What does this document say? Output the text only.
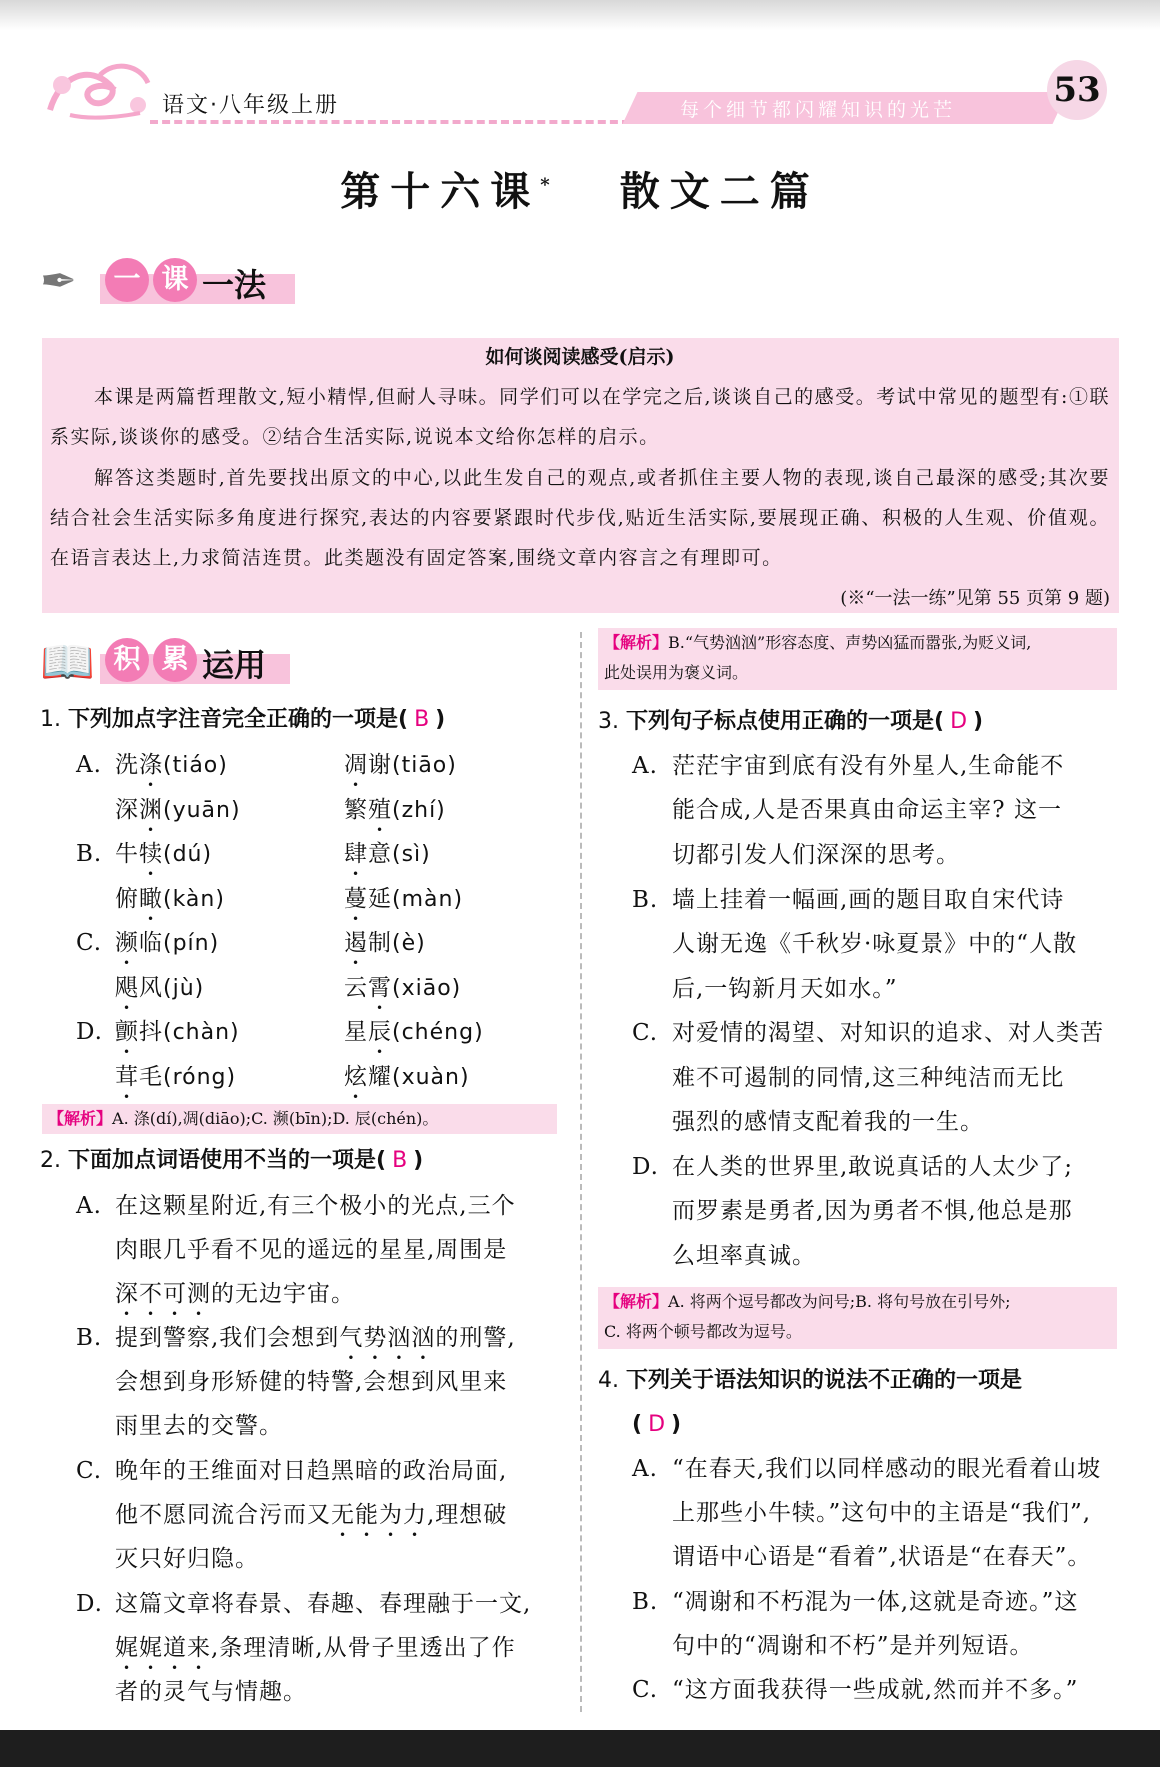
语文·八年级上册	每个细节都闪耀知识的光芒	53
第十六课* 散文二篇
✒	一 课 一法
如何谈阅读感受(启示)
本课是两篇哲理散文,短小精悍,但耐人寻味。同学们可以在学完之后,谈谈自己的感受。考试中常见的题型有:①联系实际,谈谈你的感受。②结合生活实际,说说本文给你怎样的启示。
解答这类题时,首先要找出原文的中心,以此生发自己的观点,或者抓住主要人物的表现,谈自己最深的感受;其次要结合社会生活实际多角度进行探究,表达的内容要紧跟时代步伐,贴近生活实际,要展现正确、积极的人生观、价值观。在语言表达上,力求简洁连贯。此类题没有固定答案,围绕文章内容言之有理即可。
(※“一法一练”见第 55 页第 9 题)
📖 积 累 运用
1. 下列加点字注音完全正确的一项是( B )
A. 洗涤(tiáo)	凋谢(tiāo)
深渊(yuān)	繁殖(zhí)
B. 牛犊(dú)	肆意(sì)
俯瞰(kàn)	蔓延(màn)
C. 濒临(pín)	遏制(è)
飓风(jù)	云霄(xiāo)
D. 颤抖(chàn)	星辰(chéng)
茸毛(róng)	炫耀(xuàn)
【解析】A. 涤(dí),凋(diāo);C. 濒(bīn);D. 辰(chén)。
2. 下面加点词语使用不当的一项是( B )
A. 在这颗星附近,有三个极小的光点,三个
肉眼几乎看不见的遥远的星星,周围是
深不可测的无边宇宙。
B. 提到警察,我们会想到气势汹汹的刑警,
会想到身形矫健的特警,会想到风里来
雨里去的交警。
C. 晚年的王维面对日趋黑暗的政治局面,
他不愿同流合污而又无能为力,理想破
灭只好归隐。
D. 这篇文章将春景、春趣、春理融于一文,
娓娓道来,条理清晰,从骨子里透出了作
者的灵气与情趣。
【解析】B.“气势汹汹”形容态度、声势凶猛而嚣张,为贬义词,
此处误用为褒义词。
3. 下列句子标点使用正确的一项是( D )
A. 茫茫宇宙到底有没有外星人,生命能不
能合成,人是否果真由命运主宰? 这一
切都引发人们深深的思考。
B. 墙上挂着一幅画,画的题目取自宋代诗
人谢无逸《千秋岁·咏夏景》中的“人散
后,一钩新月天如水。”
C. 对爱情的渴望、对知识的追求、对人类苦
难不可遏制的同情,这三种纯洁而无比
强烈的感情支配着我的一生。
D. 在人类的世界里,敢说真话的人太少了;
而罗素是勇者,因为勇者不惧,他总是那
么坦率真诚。
【解析】A. 将两个逗号都改为问号;B. 将句号放在引号外;
C. 将两个顿号都改为逗号。
4. 下列关于语法知识的说法不正确的一项是
( D )
A. “在春天,我们以同样感动的眼光看着山坡
上那些小牛犊。”这句中的主语是“我们”,
谓语中心语是“看着”,状语是“在春天”。
B. “凋谢和不朽混为一体,这就是奇迹。”这
句中的“凋谢和不朽”是并列短语。
C. “这方面我获得一些成就,然而并不多。”
